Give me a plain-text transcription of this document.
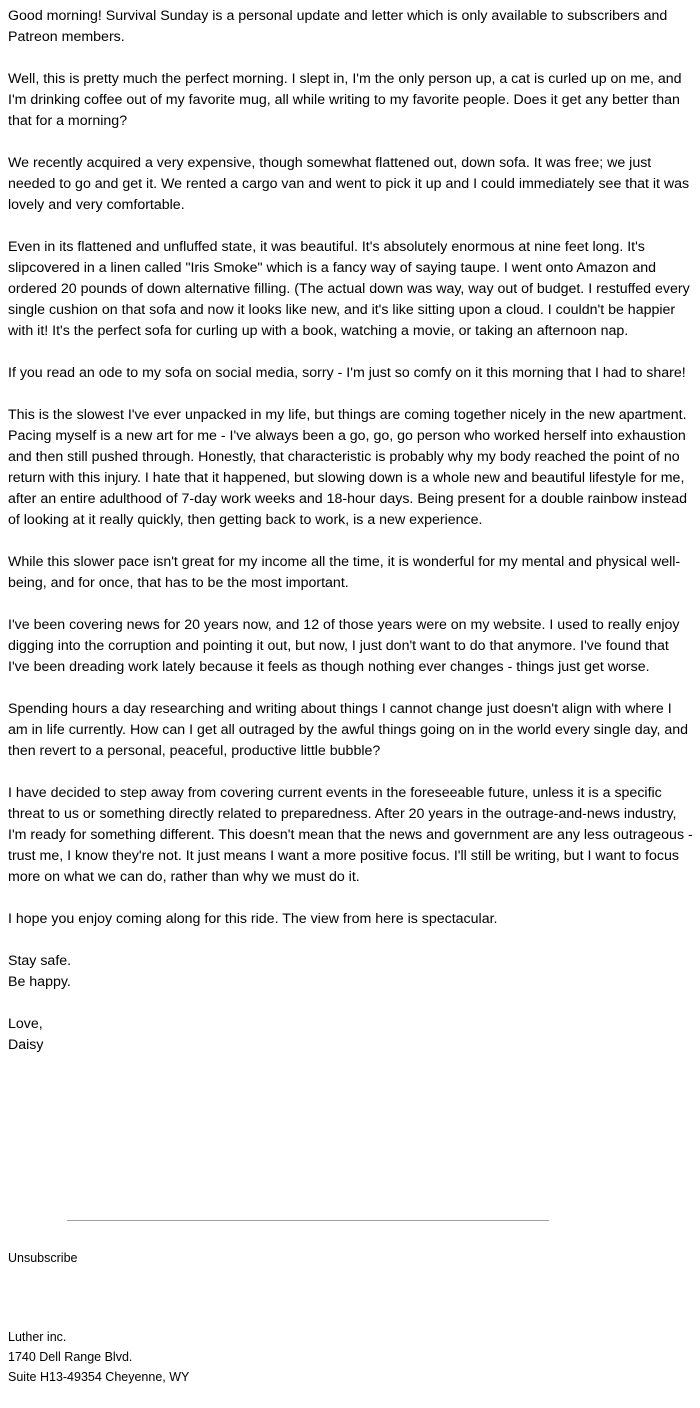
Good morning! Survival Sunday is a personal update and letter which is only available to subscribers and Patreon members.

Well, this is pretty much the perfect morning. I slept in, I'm the only person up, a cat is curled up on me, and I'm drinking coffee out of my favorite mug, all while writing to my favorite people. Does it get any better than that for a morning?

We recently acquired a very expensive, though somewhat flattened out, down sofa. It was free; we just needed to go and get it. We rented a cargo van and went to pick it up and I could immediately see that it was lovely and very comfortable.

Even in its flattened and unfluffed state, it was beautiful. It's absolutely enormous at nine feet long. It's slipcovered in a linen called "Iris Smoke" which is a fancy way of saying taupe. I went onto Amazon and ordered 20 pounds of down alternative filling. (The actual down was way, way out of budget. I restuffed every single cushion on that sofa and now it looks like new, and it's like sitting upon a cloud. I couldn't be happier with it! It's the perfect sofa for curling up with a book, watching a movie, or taking an afternoon nap.

If you read an ode to my sofa on social media, sorry - I'm just so comfy on it this morning that I had to share!

This is the slowest I've ever unpacked in my life, but things are coming together nicely in the new apartment. Pacing myself is a new art for me - I've always been a go, go, go person who worked herself into exhaustion and then still pushed through. Honestly, that characteristic is probably why my body reached the point of no return with this injury. I hate that it happened, but slowing down is a whole new and beautiful lifestyle for me, after an entire adulthood of 7-day work weeks and 18-hour days. Being present for a double rainbow instead of looking at it really quickly, then getting back to work, is a new experience.

While this slower pace isn't great for my income all the time, it is wonderful for my mental and physical well-being, and for once, that has to be the most important.

I've been covering news for 20 years now, and 12 of those years were on my website. I used to really enjoy digging into the corruption and pointing it out, but now, I just don't want to do that anymore. I've found that I've been dreading work lately because it feels as though nothing ever changes - things just get worse.

Spending hours a day researching and writing about things I cannot change just doesn't align with where I am in life currently. How can I get all outraged by the awful things going on in the world every single day, and then revert to a personal, peaceful, productive little bubble?

I have decided to step away from covering current events in the foreseeable future, unless it is a specific threat to us or something directly related to preparedness. After 20 years in the outrage-and-news industry, I'm ready for something different. This doesn't mean that the news and government are any less outrageous - trust me, I know they're not. It just means I want a more positive focus. I'll still be writing, but I want to focus more on what we can do, rather than why we must do it.

I hope you enjoy coming along for this ride. The view from here is spectacular.

Stay safe.
Be happy.

Love,
Daisy

Unsubscribe
Luther inc.
1740 Dell Range Blvd.
Suite H13-49354 Cheyenne, WY
